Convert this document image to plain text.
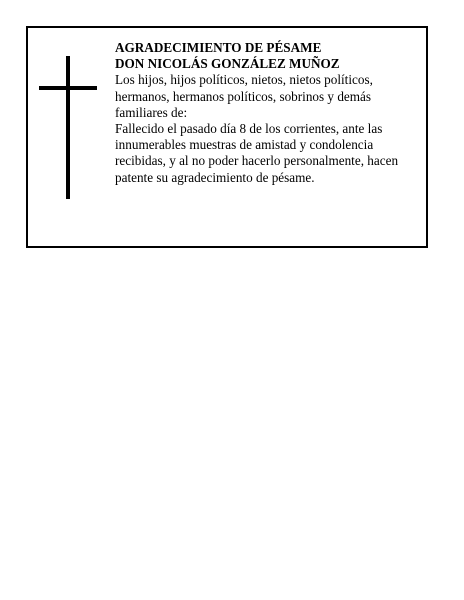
AGRADECIMIENTO DE PÉSAME

DON NICOLÁS GONZÁLEZ MUÑOZ

Los hijos, hijos políticos, nietos, nietos políticos, hermanos, hermanos políticos, sobrinos y demás familiares de:

Fallecido el pasado día 8 de los corrientes, ante las innumerables muestras de amistad y condolencia recibidas, y al no poder hacerlo personalmente, hacen patente su agradecimiento de pésame.
